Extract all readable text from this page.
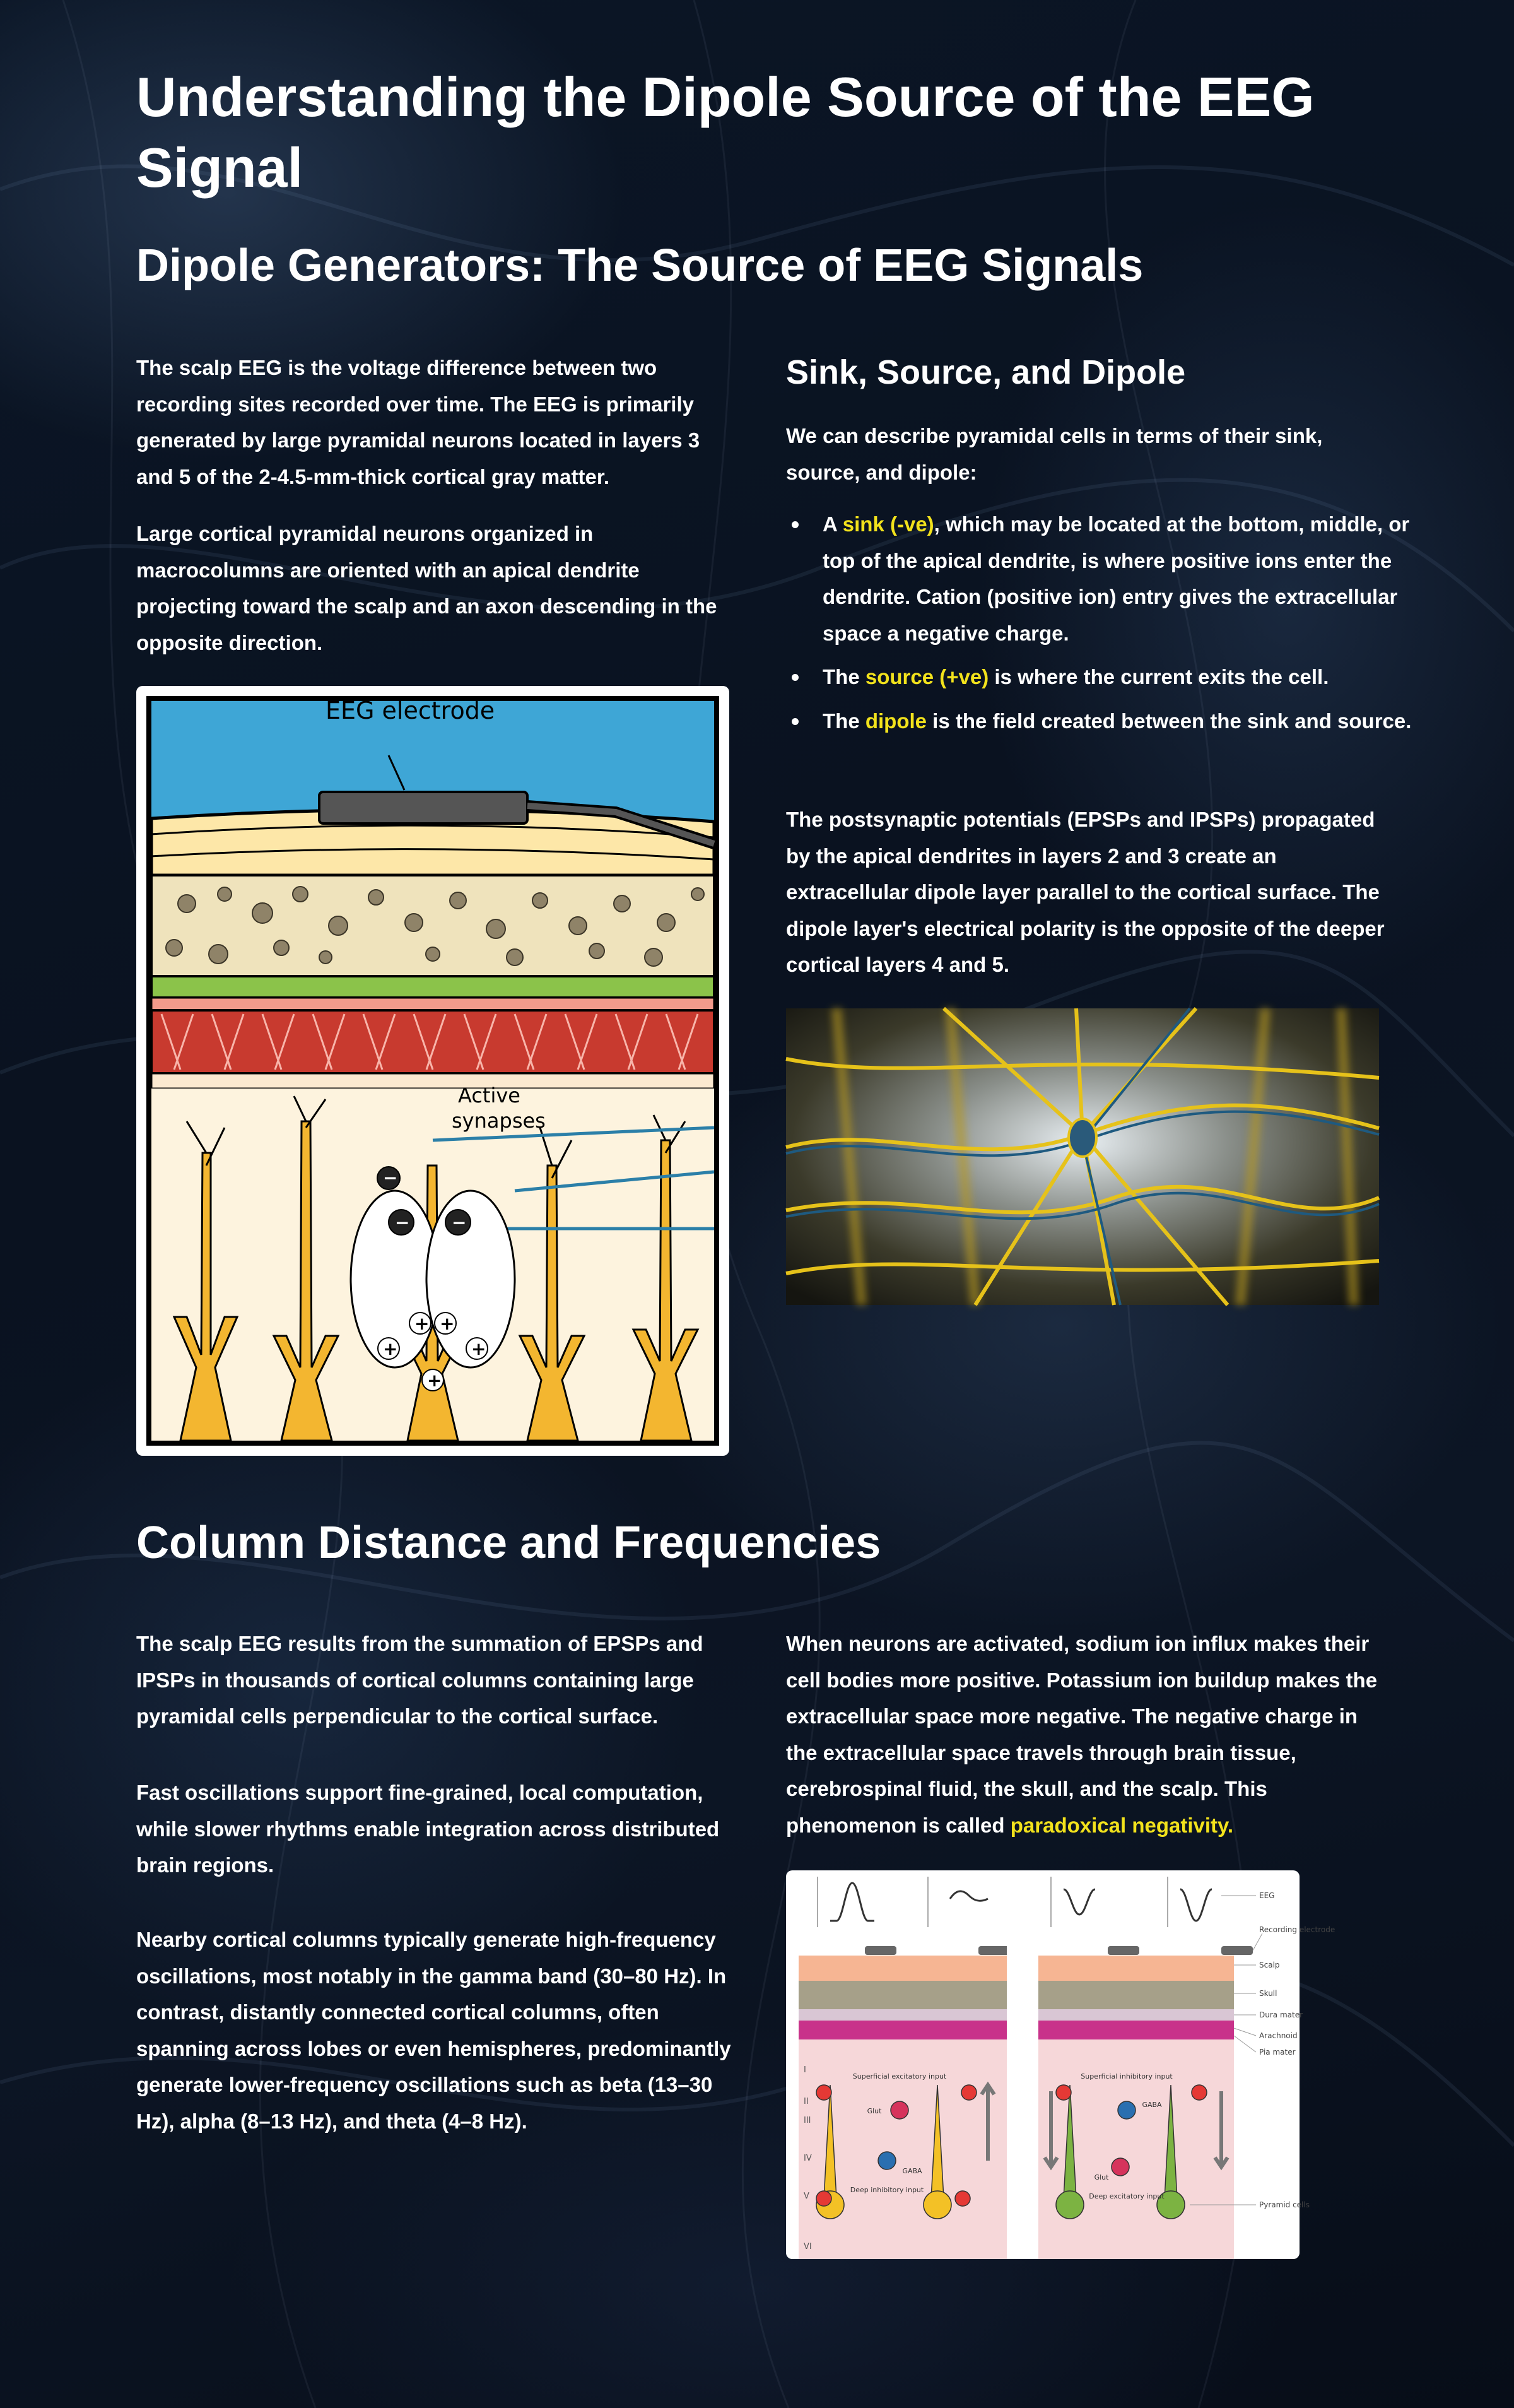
Understanding the Dipole Source of the EEG Signal
Dipole Generators: The Source of EEG Signals

The scalp EEG is the voltage difference between two recording sites recorded over time. The EEG is primarily generated by large pyramidal neurons located in layers 3 and 5 of the 2-4.5-mm-thick cortical gray matter.

Large cortical pyramidal neurons organized in macrocolumns are oriented with an apical dendrite projecting toward the scalp and an axon descending in the opposite direction.

− −
−
+
+
+
+
+
EEG electrode
Active
synapses
Sink, Source, and Dipole

We can describe pyramidal cells in terms of their sink, source, and dipole:

A sink (-ve), which may be located at the bottom, middle, or top of the apical dendrite, is where positive ions enter the dendrite. Cation (positive ion) entry gives the extracellular space a negative charge.
The source (+ve) is where the current exits the cell.
The dipole is the field created between the sink and source.

The postsynaptic potentials (EPSPs and IPSPs) propagated by the apical dendrites in layers 2 and 3 create an extracellular dipole layer parallel to the cortical surface. The dipole layer's electrical polarity is the opposite of the deeper cortical layers 4 and 5.

Column Distance and Frequencies

The scalp EEG results from the summation of EPSPs and IPSPs in thousands of cortical columns containing large pyramidal cells perpendicular to the cortical surface.

Fast oscillations support fine-grained, local computation, while slower rhythms enable integration across distributed brain regions.

Nearby cortical columns typically generate high-frequency oscillations, most notably in the gamma band (30–80 Hz). In contrast, distantly connected cortical columns, often spanning across lobes or even hemispheres, predominantly generate lower-frequency oscillations such as beta (13–30 Hz), alpha (8–13 Hz), and theta (4–8 Hz).

When neurons are activated, sodium ion influx makes their cell bodies more positive. Potassium ion buildup makes the extracellular space more negative. The negative charge in the extracellular space travels through brain tissue, cerebrospinal fluid, the skull, and the scalp. This phenomenon is called paradoxical negativity.

I
II
III
IV
V
VI
Superficial excitatory input
Glut
GABA
Deep inhibitory input
Superficial inhibitory input
GABA
Glut
Deep excitatory input
EEG
Recording electrode
Scalp
Skull
Dura mater
Arachnoid
Pia mater
Pyramid cells
